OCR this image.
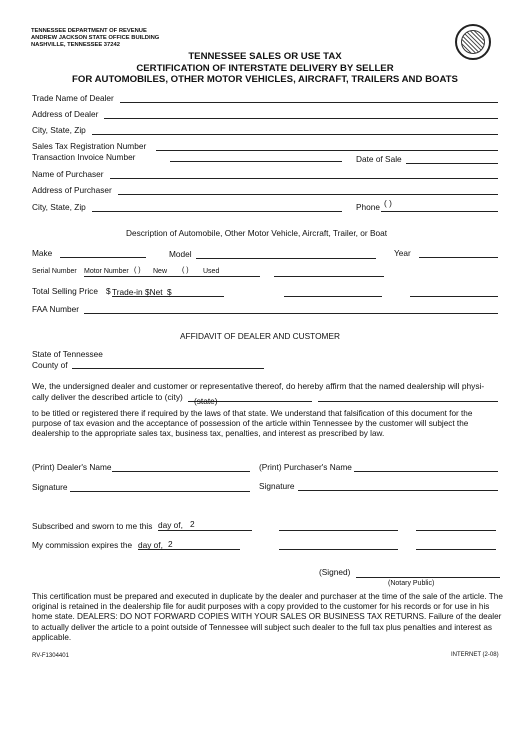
TENNESSEE DEPARTMENT OF REVENUE
ANDREW JACKSON STATE OFFICE BUILDING
NASHVILLE, TENNESSEE 37242
TENNESSEE SALES OR USE TAX
CERTIFICATION OF INTERSTATE DELIVERY BY SELLER
FOR AUTOMOBILES, OTHER MOTOR VEHICLES, AIRCRAFT, TRAILERS AND BOATS
Trade Name of Dealer
Address of Dealer
City, State, Zip
Sales Tax Registration Number
Transaction Invoice Number	Date of Sale
Name of Purchaser
Address of Purchaser
City, State, Zip	Phone ( )
Description of Automobile, Other Motor Vehicle, Aircraft, Trailer, or Boat
Make	Model	Year
Serial Number Motor Number ( ) New ( ) Used
Total Selling Price $ Trade-in $Net $
FAA Number
AFFIDAVIT OF DEALER AND CUSTOMER
State of Tennessee
County of
We, the undersigned dealer and customer or representative thereof, do hereby affirm that the named dealership will physi-
cally deliver the described article to (city) (state)
to be titled or registered there if required by the laws of that state. We understand that falsification of this document for the purpose of tax evasion and the acceptance of possession of the article within Tennessee by the customer will subject the dealership to the appropriate sales tax, business tax, penalties, and interest as prescribed by law.
(Print) Dealer's Name	(Print) Purchaser's Name
Signature	Signature
Subscribed and sworn to me this day of, 2
My commission expires the day of, 2
(Signed)
(Notary Public)
This certification must be prepared and executed in duplicate by the dealer and purchaser at the time of the sale of the article. The original is retained in the dealership file for audit purposes with a copy provided to the customer for his records or for use in his home state. DEALERS: DO NOT FORWARD COPIES WITH YOUR SALES OR BUSINESS TAX RETURNS. Failure of the dealer to actually deliver the article to a point outside of Tennessee will subject such dealer to the full tax plus penalties and interest as applicable.
RV-F1304401	INTERNET (2-08)
